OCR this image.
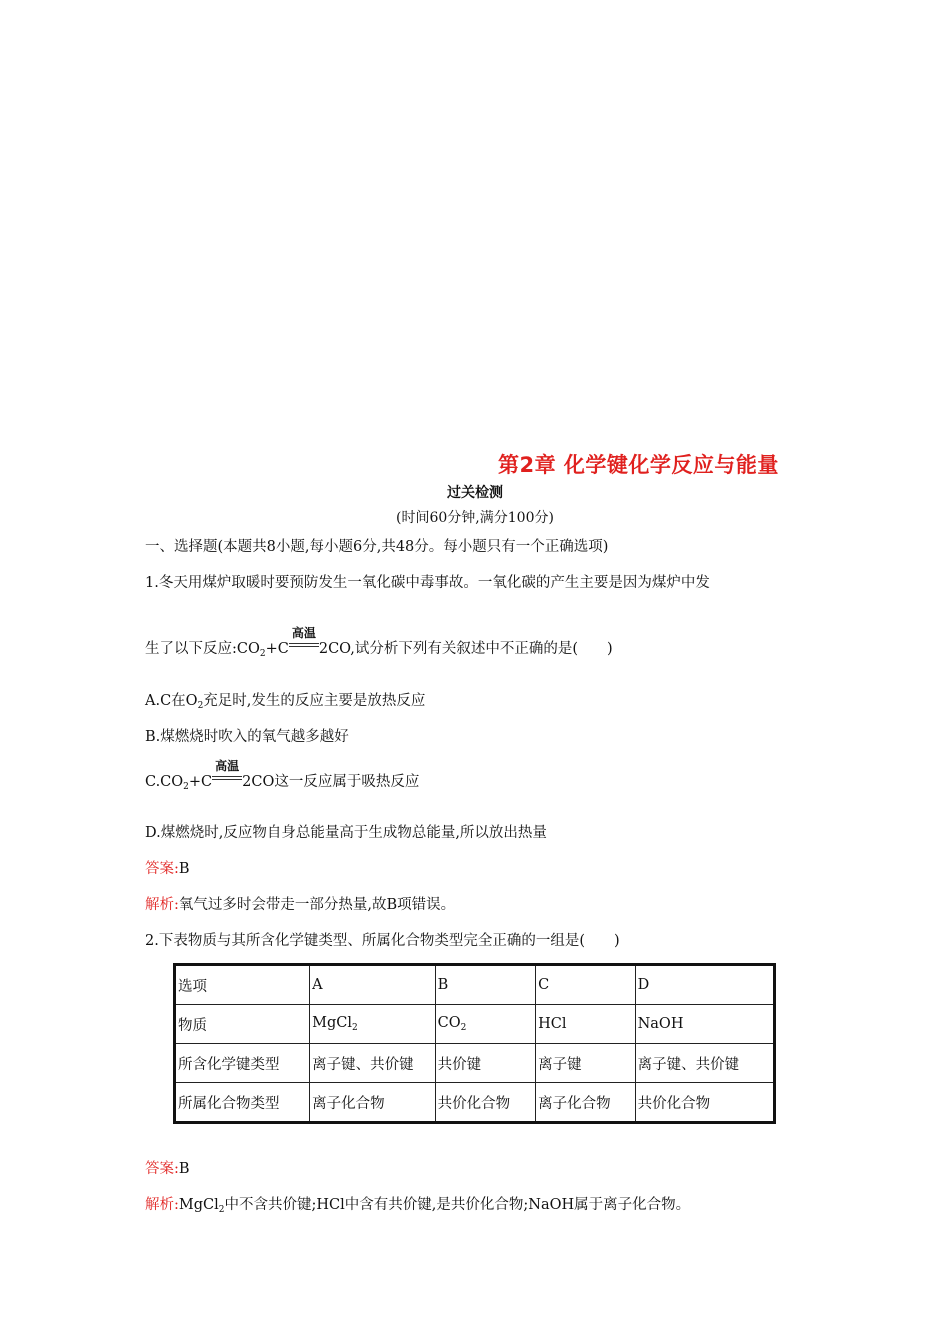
第2章 化学键化学反应与能量
过关检测
(时间60分钟,满分100分)
一、选择题(本题共8小题,每小题6分,共48分。每小题只有一个正确选项)
1.冬天用煤炉取暖时要预防发生一氧化碳中毒事故。一氧化碳的产生主要是因为煤炉中发
生了以下反应$:CO_2+C$
高温
2CO,试分析下列有关叙述中不正确的是(　　)
A.C在$O_2$充足时,发生的反应主要是放热反应
B.煤燃烧时吹入的氧气越多越好
$C.CO_2+C$
高温
2CO这一反应属于吸热反应
D.煤燃烧时,反应物自身总能量高于生成物总能量,所以放出热量
答案:B
解析:氧气过多时会带走一部分热量,故B项错误。
2.下表物质与其所含化学键类型、所属化合物类型完全正确的一组是(　　)
选项	A	B	C	D
物质	MgCl$_2$	$CO_2$	HCl	NaOH
所含化学键类型	离子键、共价键	共价键	离子键	离子键、共价键
所属化合物类型	离子化合物	共价化合物	离子化合物	共价化合物
答案:B
解析:MgCl$_2$中不含共价键;HCl中含有共价键,是共价化合物;NaOH属于离子化合物。
